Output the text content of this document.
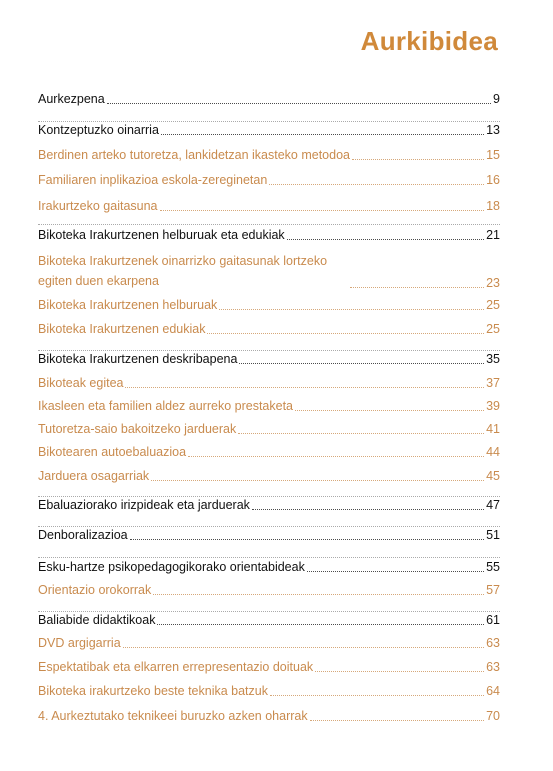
Aurkibidea
Aurkezpena	9
Kontzeptuzko oinarria	13
Berdinen arteko tutoretza, lankidetzan ikasteko metodoa	15
Familiaren inplikazioa eskola-zereginetan	16
Irakurtzeko gaitasuna	18
Bikoteka Irakurtzenen helburuak eta edukiak	21
Bikoteka Irakurtzenek oinarrizko gaitasunak lortzeko egiten duen ekarpena	23
Bikoteka Irakurtzenen helburuak	25
Bikoteka Irakurtzenen edukiak	25
Bikoteka Irakurtzenen deskribapena	35
Bikoteak egitea	37
Ikasleen eta familien aldez aurreko prestaketa	39
Tutoretza-saio bakoitzeko jarduerak	41
Bikotearen autoebaluazioa	44
Jarduera osagarriak	45
Ebaluaziorako irizpideak eta jarduerak	47
Denboralizazioa	51
Esku-hartze psikopedagogikorako orientabideak	55
Orientazio orokorrak	57
Baliabide didaktikoak	61
DVD argigarria	63
Espektatibak eta elkarren errepresentazio doituak	63
Bikoteka irakurtzeko beste teknika batzuk	64
4. Aurkeztutako teknikeei buruzko azken oharrak	70
